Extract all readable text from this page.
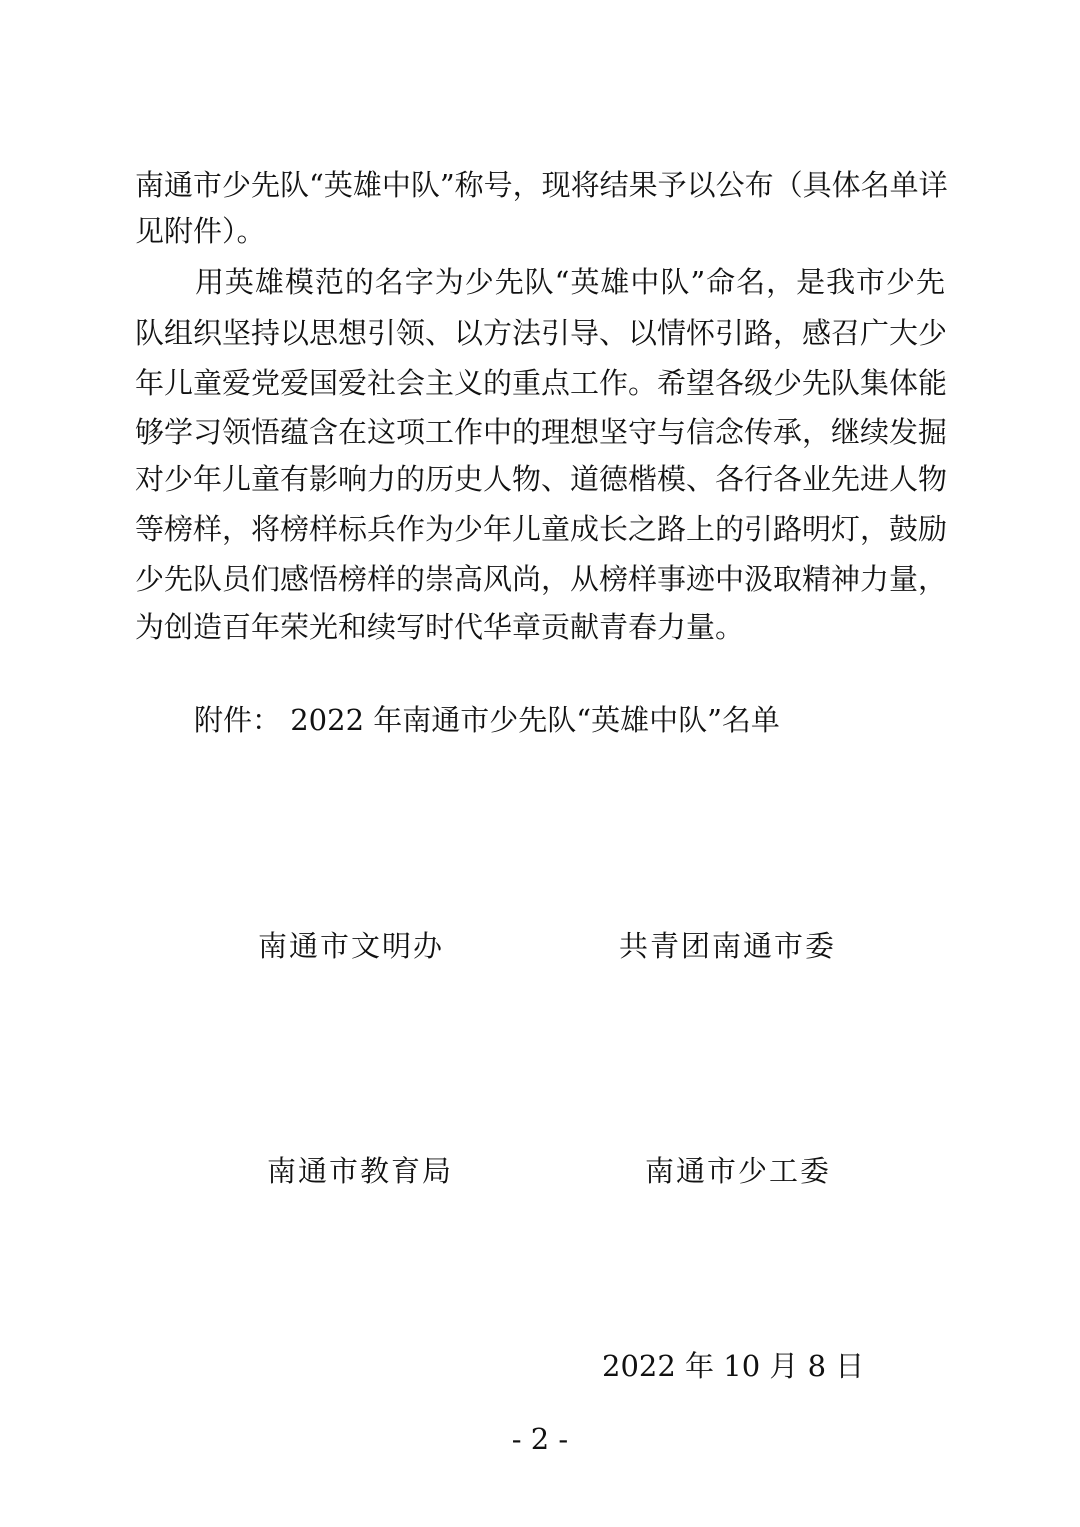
南通市少先队“英雄中队”称号，现将结果予以公布（具体名单详
见附件）。
　　用英雄模范的名字为少先队“英雄中队”命名，是我市少先
队组织坚持以思想引领、以方法引导、以情怀引路，感召广大少
年儿童爱党爱国爱社会主义的重点工作。希望各级少先队集体能
够学习领悟蕴含在这项工作中的理想坚守与信念传承，继续发掘
对少年儿童有影响力的历史人物、道德楷模、各行各业先进人物
等榜样，将榜样标兵作为少年儿童成长之路上的引路明灯，鼓励
少先队员们感悟榜样的崇高风尚，从榜样事迹中汲取精神力量，
为创造百年荣光和续写时代华章贡献青春力量。
附件： 2022 年南通市少先队“英雄中队”名单
南通市文明办	共青团南通市委
南通市教育局	南通市少工委
2022 年 10 月 8 日
- 2 -
